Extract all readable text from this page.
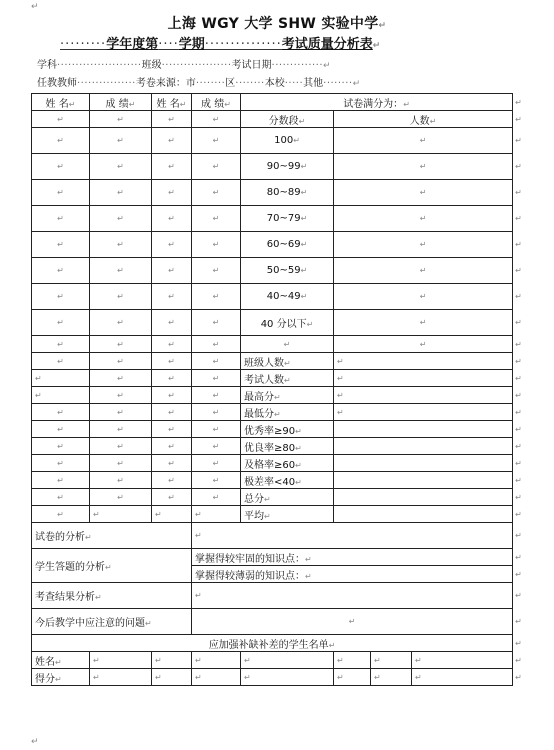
↵
上海 WGY 大学 SHW 实验中学↵
·········学年度第····学期···············考试质量分析表↵
学科·······················班级···················考试日期··············↵
任教教师················考卷来源：市········区········本校·····其他········↵
姓 名↵	成 绩↵	姓 名↵	成 绩↵	试卷满分为：↵				↵
↵	↵	↵	↵	分数段↵	人数↵			↵
↵	↵	↵	↵	100↵	↵			↵
↵	↵	↵	↵	90~99↵	↵			↵
↵	↵	↵	↵	80~89↵	↵			↵
↵	↵	↵	↵	70~79↵	↵			↵
↵	↵	↵	↵	60~69↵	↵			↵
↵	↵	↵	↵	50~59↵	↵			↵
↵	↵	↵	↵	40~49↵	↵			↵
↵	↵	↵	↵	40 分以下↵	↵			↵
↵	↵	↵	↵	↵	↵			↵
↵	↵	↵	↵	班级人数↵	↵			↵
↵	↵	↵	↵	考试人数↵	↵			↵
↵	↵	↵	↵	最高分↵	↵			↵
↵	↵	↵	↵	最低分↵	↵			↵
↵	↵	↵	↵	优秀率≥90↵				↵
↵	↵	↵	↵	优良率≥80↵				↵
↵	↵	↵	↵	及格率≥60↵				↵
↵	↵	↵	↵	极差率<40↵				↵
↵	↵	↵	↵	总分↵				↵
↵	↵	↵	↵	平均↵				↵
试卷的分析↵			↵					↵
学生答题的分析↵			掌握得较牢固的知识点：↵					↵
			掌握得较薄弱的知识点：↵					↵
考查结果分析↵			↵					↵
今后教学中应注意的问题↵			↵					↵
应加强补缺补差的学生名单↵								↵
姓名↵	↵	↵	↵	↵	↵	↵	↵	↵
得分↵	↵	↵	↵	↵	↵	↵	↵	↵
↵
